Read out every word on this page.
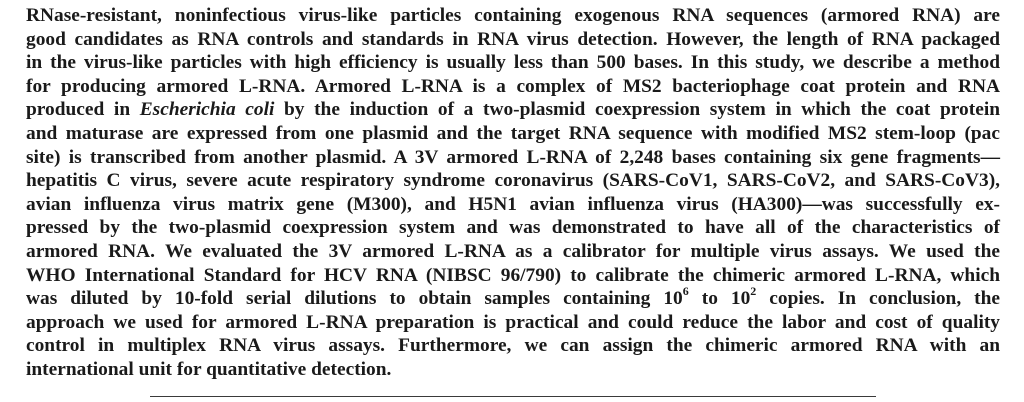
RNase-resistant, noninfectious virus-like particles containing exogenous RNA sequences (armored RNA) are
good candidates as RNA controls and standards in RNA virus detection. However, the length of RNA packaged
in the virus-like particles with high efficiency is usually less than 500 bases. In this study, we describe a method
for producing armored L-RNA. Armored L-RNA is a complex of MS2 bacteriophage coat protein and RNA
produced in Escherichia coli by the induction of a two-plasmid coexpression system in which the coat protein
and maturase are expressed from one plasmid and the target RNA sequence with modified MS2 stem-loop (pac
site) is transcribed from another plasmid. A 3V armored L-RNA of 2,248 bases containing six gene fragments—
hepatitis C virus, severe acute respiratory syndrome coronavirus (SARS-CoV1, SARS-CoV2, and SARS-CoV3),
avian influenza virus matrix gene (M300), and H5N1 avian influenza virus (HA300)—was successfully ex-
pressed by the two-plasmid coexpression system and was demonstrated to have all of the characteristics of
armored RNA. We evaluated the 3V armored L-RNA as a calibrator for multiple virus assays. We used the
WHO International Standard for HCV RNA (NIBSC 96/790) to calibrate the chimeric armored L-RNA, which
was diluted by 10-fold serial dilutions to obtain samples containing $10^6$ to $10^2$ copies. In conclusion, the
approach we used for armored L-RNA preparation is practical and could reduce the labor and cost of quality
control in multiplex RNA virus assays. Furthermore, we can assign the chimeric armored RNA with an
international unit for quantitative detection.
